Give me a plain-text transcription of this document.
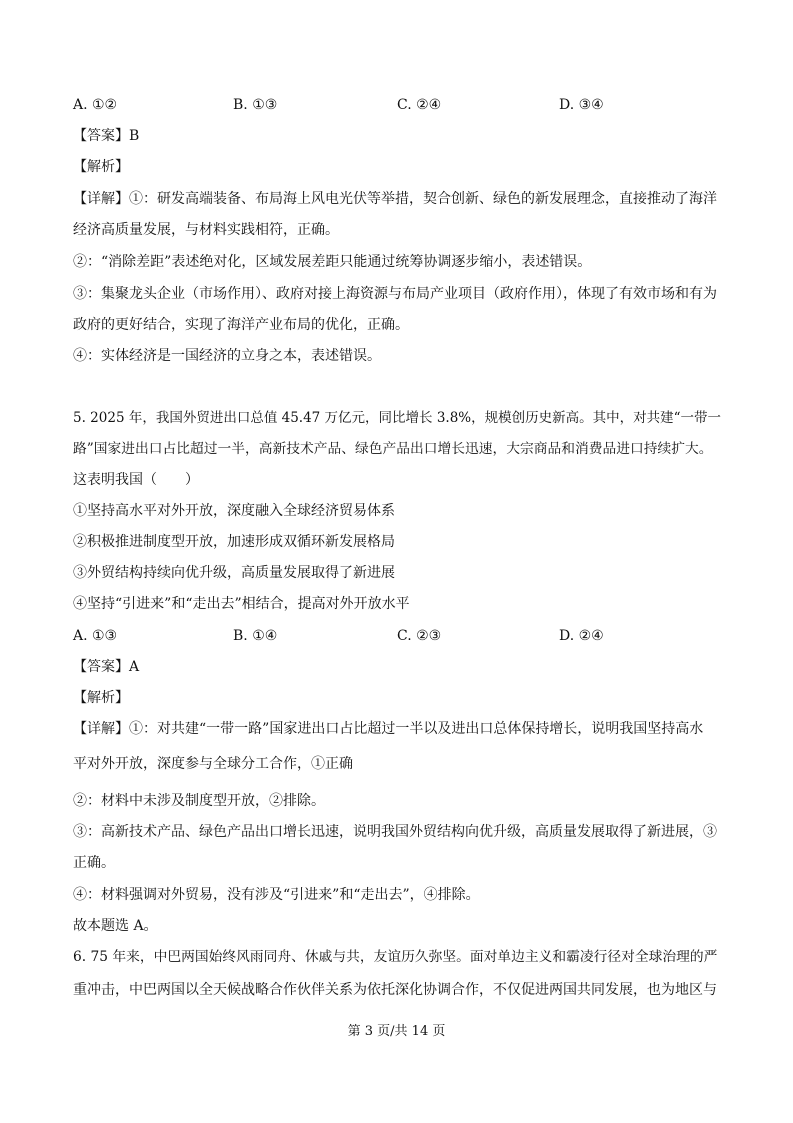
A. ①②	B. ①③	C. ②④	D. ③④
【答案】B
【解析】
【详解】①：研发高端装备、布局海上风电光伏等举措，契合创新、绿色的新发展理念，直接推动了海洋
经济高质量发展，与材料实践相符，正确。
②：“消除差距”表述绝对化，区域发展差距只能通过统筹协调逐步缩小，表述错误。
③：集聚龙头企业（市场作用）、政府对接上海资源与布局产业项目（政府作用），体现了有效市场和有为
政府的更好结合，实现了海洋产业布局的优化，正确。
④：实体经济是一国经济的立身之本，表述错误。
5. 2025 年，我国外贸进出口总值 45.47 万亿元，同比增长 3.8%，规模创历史新高。其中，对共建“一带一
路”国家进出口占比超过一半，高新技术产品、绿色产品出口增长迅速，大宗商品和消费品进口持续扩大。
这表明我国（　　）
①坚持高水平对外开放，深度融入全球经济贸易体系
②积极推进制度型开放，加速形成双循环新发展格局
③外贸结构持续向优升级，高质量发展取得了新进展
④坚持“引进来”和“走出去”相结合，提高对外开放水平
A. ①③	B. ①④	C. ②③	D. ②④
【答案】A
【解析】
【详解】①：对共建“一带一路”国家进出口占比超过一半以及进出口总体保持增长，说明我国坚持高水
平对外开放，深度参与全球分工合作，①正确
②：材料中未涉及制度型开放，②排除。
③：高新技术产品、绿色产品出口增长迅速，说明我国外贸结构向优升级，高质量发展取得了新进展，③
正确。
④：材料强调对外贸易，没有涉及“引进来”和“走出去”，④排除。
故本题选 A。
6. 75 年来，中巴两国始终风雨同舟、休戚与共，友谊历久弥坚。面对单边主义和霸凌行径对全球治理的严
重冲击，中巴两国以全天候战略合作伙伴关系为依托深化协调合作，不仅促进两国共同发展，也为地区与
第 3 页/共 14 页
